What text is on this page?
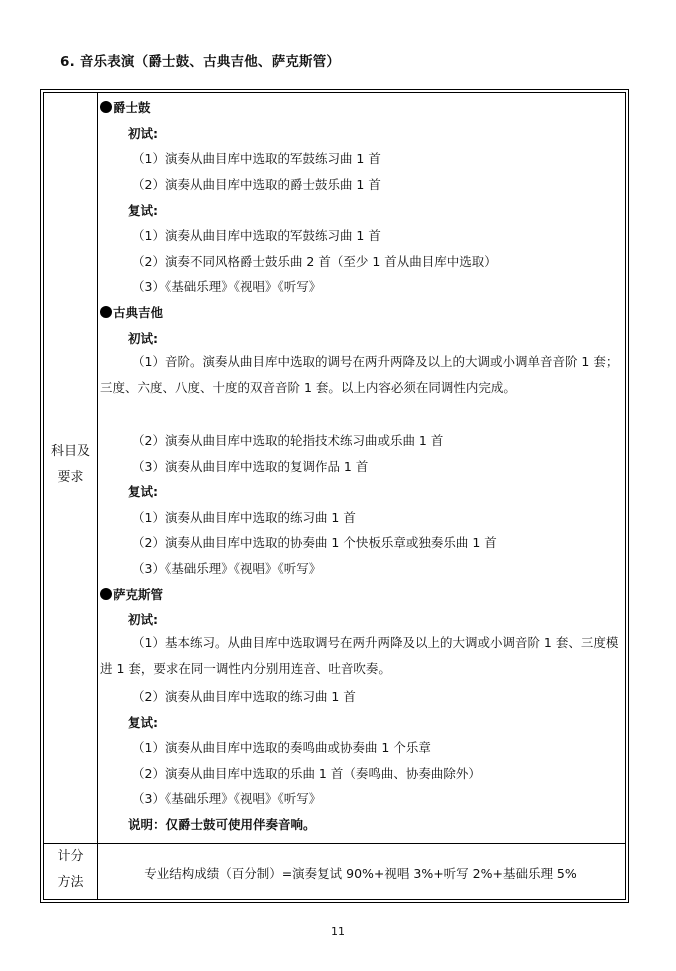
6. 音乐表演（爵士鼓、古典吉他、萨克斯管）
科目及
要求
计分
方法
爵士鼓
初试:
（1）演奏从曲目库中选取的军鼓练习曲 1 首
（2）演奏从曲目库中选取的爵士鼓乐曲 1 首
复试:
（1）演奏从曲目库中选取的军鼓练习曲 1 首
（2）演奏不同风格爵士鼓乐曲 2 首（至少 1 首从曲目库中选取）
（3）《基础乐理》《视唱》《听写》
古典吉他
初试:
（1）音阶。演奏从曲目库中选取的调号在两升两降及以上的大调或小调单音音阶 1 套；三度、六度、八度、十度的双音音阶 1 套。以上内容必须在同调性内完成。
（2）演奏从曲目库中选取的轮指技术练习曲或乐曲 1 首
（3）演奏从曲目库中选取的复调作品 1 首
复试:
（1）演奏从曲目库中选取的练习曲 1 首
（2）演奏从曲目库中选取的协奏曲 1 个快板乐章或独奏乐曲 1 首
（3）《基础乐理》《视唱》《听写》
萨克斯管
初试:
（1）基本练习。从曲目库中选取调号在两升两降及以上的大调或小调音阶 1 套、三度模进 1 套，要求在同一调性内分别用连音、吐音吹奏。
（2）演奏从曲目库中选取的练习曲 1 首
复试:
（1）演奏从曲目库中选取的奏鸣曲或协奏曲 1 个乐章
（2）演奏从曲目库中选取的乐曲 1 首（奏鸣曲、协奏曲除外）
（3）《基础乐理》《视唱》《听写》
说明：仅爵士鼓可使用伴奏音响。
专业结构成绩（百分制）=演奏复试 90%+视唱 3%+听写 2%+基础乐理 5%
11
